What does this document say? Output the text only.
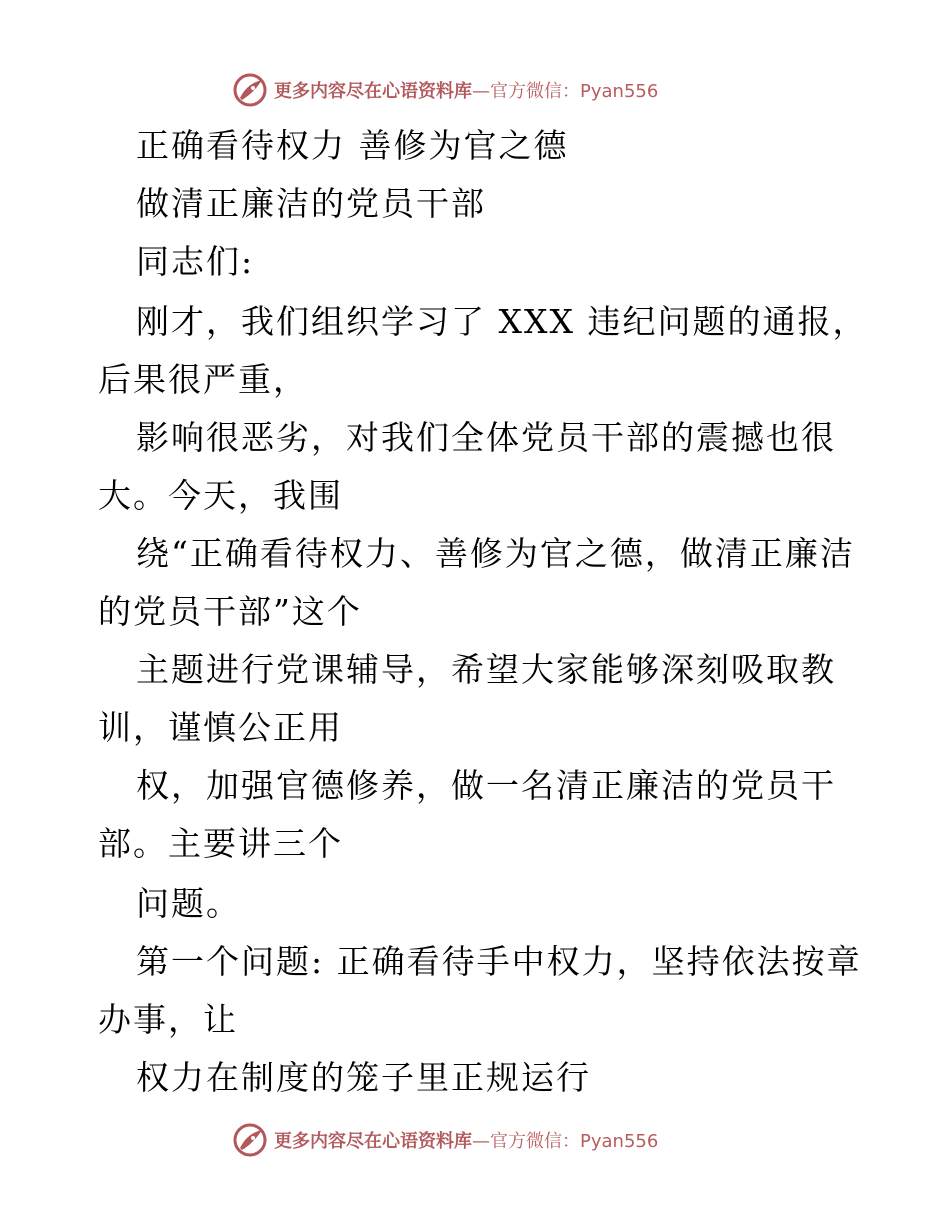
更多内容尽在心语资料库—官方微信：Pyan556
正确看待权力 善修为官之德
做清正廉洁的党员干部
同志们:
刚才，我们组织学习了 XXX 违纪问题的通报，
后果很严重，
影响很恶劣，对我们全体党员干部的震撼也很
大。今天，我围
绕“正确看待权力、善修为官之德，做清正廉洁
的党员干部”这个
主题进行党课辅导，希望大家能够深刻吸取教
训，谨慎公正用
权，加强官德修养，做一名清正廉洁的党员干
部。主要讲三个
问题。
第一个问题: 正确看待手中权力，坚持依法按章
办事，让
权力在制度的笼子里正规运行
更多内容尽在心语资料库—官方微信：Pyan556
